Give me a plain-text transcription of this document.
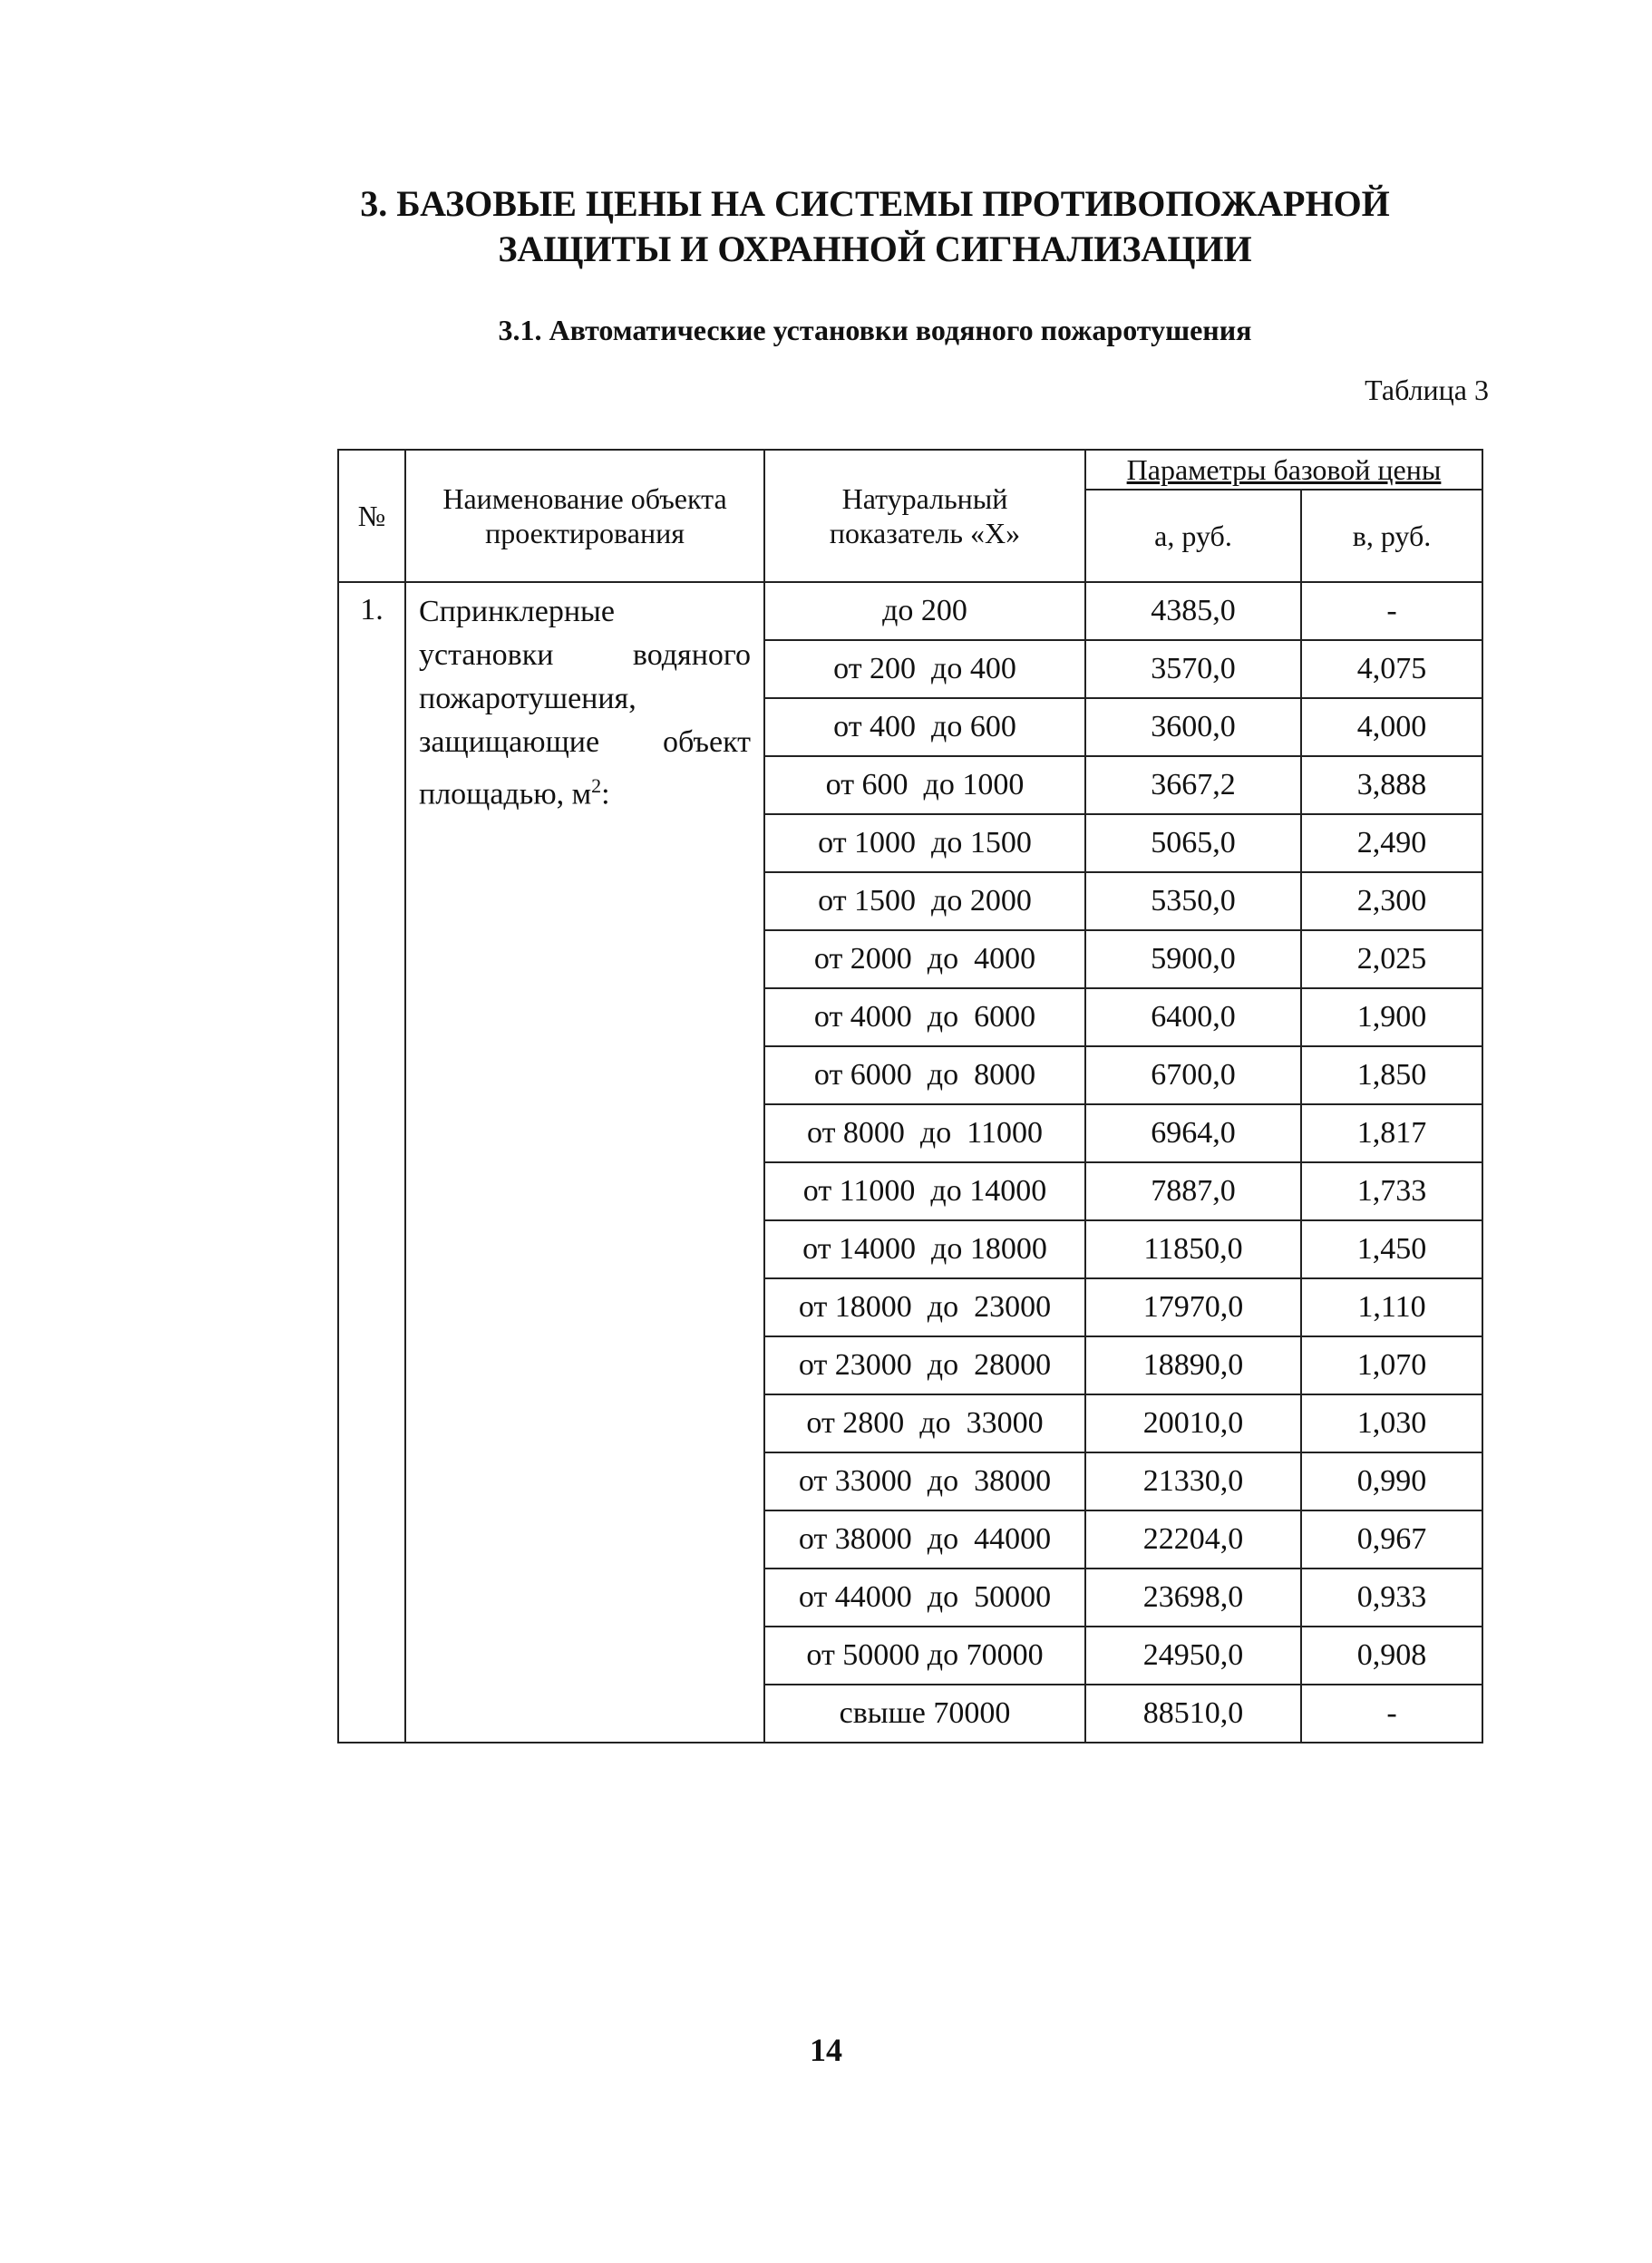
3. БАЗОВЫЕ ЦЕНЫ НА СИСТЕМЫ ПРОТИВОПОЖАРНОЙ
ЗАЩИТЫ И ОХРАННОЙ СИГНАЛИЗАЦИИ
3.1. Автоматические установки водяного пожаротушения
Таблица 3
№	Наименование объекта проектирования	Натуральный показатель «X»	Параметры базовой цены	
			а, руб.	в, руб.
1.	Спринклерные установки водяного пожаротушения, защищающие объект площадью, $м^2$:	до 200	4385,0	-
		от 200  до 400	3570,0	4,075
		от 400  до 600	3600,0	4,000
		от 600  до 1000	3667,2	3,888
		от 1000  до 1500	5065,0	2,490
		от 1500  до 2000	5350,0	2,300
		от 2000  до  4000	5900,0	2,025
		от 4000  до  6000	6400,0	1,900
		от 6000  до  8000	6700,0	1,850
		от 8000  до  11000	6964,0	1,817
		от 11000  до 14000	7887,0	1,733
		от 14000  до 18000	11850,0	1,450
		от 18000  до  23000	17970,0	1,110
		от 23000  до  28000	18890,0	1,070
		от 2800  до  33000	20010,0	1,030
		от 33000  до  38000	21330,0	0,990
		от 38000  до  44000	22204,0	0,967
		от 44000  до  50000	23698,0	0,933
		от 50000 до 70000	24950,0	0,908
		свыше 70000	88510,0	-
14
